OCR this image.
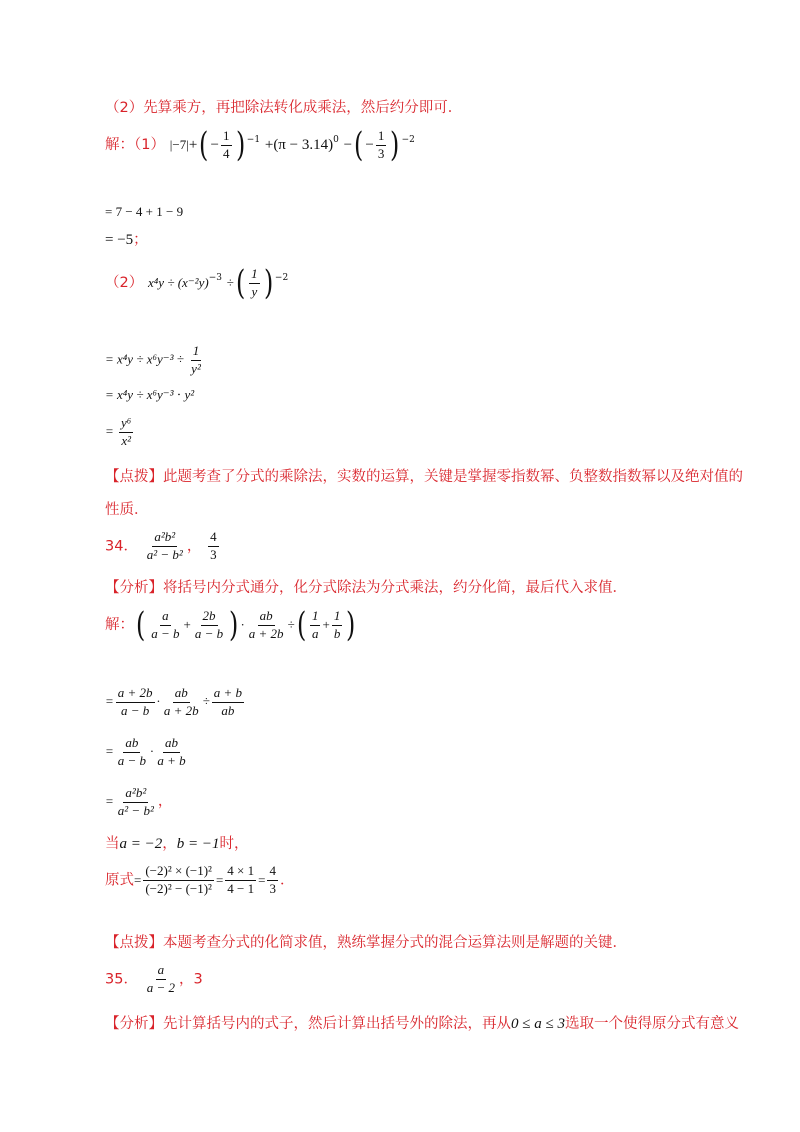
（2）先算乘方，再把除法转化成乘法，然后约分即可．
解：（1） $|-7|+( - \frac{1}{4}$ ) $^{-1} +(\pi - 3.14)^0$ −( − $\frac{1}{3}$ ) $^{-2}$
= 7 − 4 + 1 − 9
= −5；
（2） $x^4y \div (x^{-2}y)^{-3}$ ÷( $\frac{1}{y}$ ) $^{-2}$
= $x^4y \div x^6y^{-3} \div \frac{1}{\text{y²}}$
= x⁴y ÷ x⁶y⁻³ ⋅ y²
= $\frac{\text{y⁶}}{\text{x²}}$
【点拨】此题考查了分式的乘除法，实数的运算，关键是掌握零指数幂、负整数指数幂以及绝对值的
性质．
34． $\frac{\text{a²b²}}{\text{a² − b²}}$ ， $\frac{4}{3}$
【分析】将括号内分式通分，化分式除法为分式乘法，约分化简，最后代入求值．
解：( $\frac{a}{a - b} + \frac{2b}{a - b}$ ) · $\frac{ab}{a + 2b}$ ÷( $\frac{1}{a} + \frac{1}{b}$ )
= $\frac{a + 2b}{a - b} \cdot \frac{ab}{a + 2b} \div \frac{a + b}{ab}$
= $\frac{ab}{a - b} \cdot \frac{ab}{a + b}$
= $\frac{\text{a²b²}}{\text{a² − b²}}$ ，
当a = −2，b = −1时，
原式= $\frac{\text{(−2)² × (−1)²}}{\text{(−2)² − (−1)²}} = \frac{4 \times 1}{4 - 1} = \frac{4}{3}$ ．
【点拨】本题考查分式的化简求值，熟练掌握分式的混合运算法则是解题的关键．
35． $\frac{a}{a - 2}$ ，3
【分析】先计算括号内的式子，然后计算出括号外的除法，再从0 ≤ a ≤ 3选取一个使得原分式有意义
